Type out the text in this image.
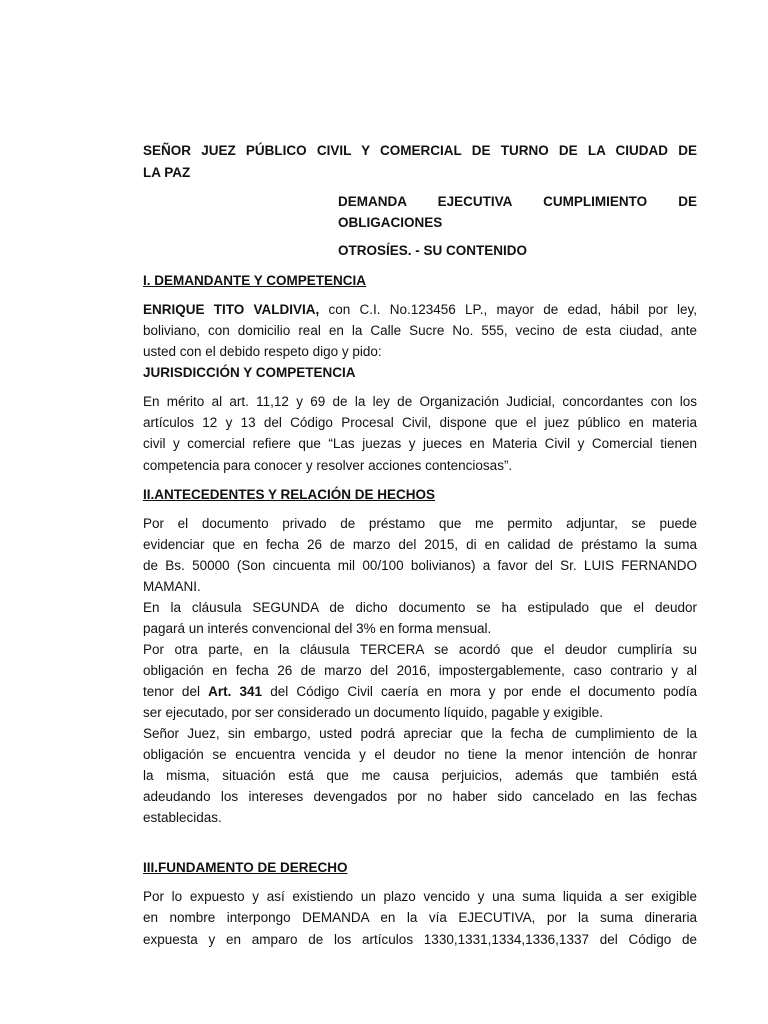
SEÑOR JUEZ PÚBLICO CIVIL Y COMERCIAL DE TURNO DE LA CIUDAD DE
LA PAZ
DEMANDA EJECUTIVA CUMPLIMIENTO DE
OBLIGACIONES
OTROSÍES. - SU CONTENIDO
I. DEMANDANTE Y COMPETENCIA
ENRIQUE TITO VALDIVIA, con C.I. No.123456 LP., mayor de edad, hábil por ley,
boliviano, con domicilio real en la Calle Sucre No. 555, vecino de esta ciudad, ante
usted con el debido respeto digo y pido:
JURISDICCIÓN Y COMPETENCIA
En mérito al art. 11,12 y 69 de la ley de Organización Judicial, concordantes con los
artículos 12 y 13 del Código Procesal Civil, dispone que el juez público en materia
civil y comercial refiere que “Las juezas y jueces en Materia Civil y Comercial tienen
competencia para conocer y resolver acciones contenciosas”.
II.ANTECEDENTES Y RELACIÓN DE HECHOS
Por el documento privado de préstamo que me permito adjuntar, se puede
evidenciar que en fecha 26 de marzo del 2015, di en calidad de préstamo la suma
de Bs. 50000 (Son cincuenta mil 00/100 bolivianos) a favor del Sr. LUIS FERNANDO
MAMANI.
En la cláusula SEGUNDA de dicho documento se ha estipulado que el deudor
pagará un interés convencional del 3% en forma mensual.
Por otra parte, en la cláusula TERCERA se acordó que el deudor cumpliría su
obligación en fecha 26 de marzo del 2016, impostergablemente, caso contrario y al
tenor del Art. 341 del Código Civil caería en mora y por ende el documento podía
ser ejecutado, por ser considerado un documento líquido, pagable y exigible.
Señor Juez, sin embargo, usted podrá apreciar que la fecha de cumplimiento de la
obligación se encuentra vencida y el deudor no tiene la menor intención de honrar
la misma, situación está que me causa perjuicios, además que también está
adeudando los intereses devengados por no haber sido cancelado en las fechas
establecidas.
III.FUNDAMENTO DE DERECHO
Por lo expuesto y así existiendo un plazo vencido y una suma liquida a ser exigible
en nombre interpongo DEMANDA en la vía EJECUTIVA, por la suma dineraria
expuesta y en amparo de los artículos 1330,1331,1334,1336,1337 del Código de
